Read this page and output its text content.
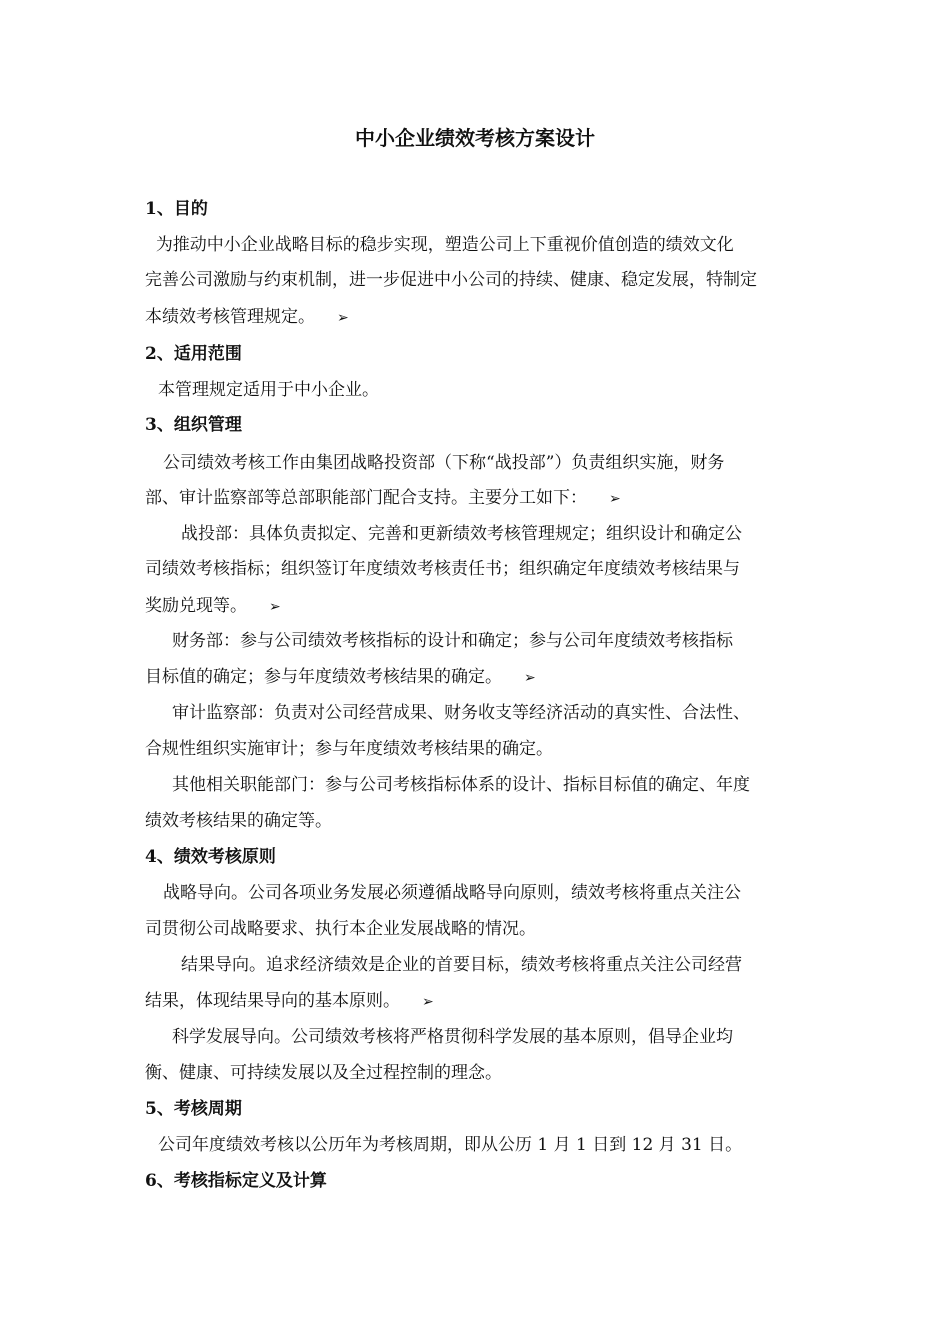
中小企业绩效考核方案设计
1、目的
为推动中小企业战略目标的稳步实现，塑造公司上下重视价值创造的绩效文化
完善公司激励与约束机制，进一步促进中小公司的持续、健康、稳定发展，特制定
本绩效考核管理规定。 ➢
2、适用范围
本管理规定适用于中小企业。
3、组织管理
公司绩效考核工作由集团战略投资部（下称“战投部”）负责组织实施，财务
部、审计监察部等总部职能部门配合支持。主要分工如下： ➢
战投部：具体负责拟定、完善和更新绩效考核管理规定；组织设计和确定公
司绩效考核指标；组织签订年度绩效考核责任书；组织确定年度绩效考核结果与
奖励兑现等。 ➢
财务部：参与公司绩效考核指标的设计和确定；参与公司年度绩效考核指标
目标值的确定；参与年度绩效考核结果的确定。 ➢
审计监察部：负责对公司经营成果、财务收支等经济活动的真实性、合法性、
合规性组织实施审计；参与年度绩效考核结果的确定。
其他相关职能部门：参与公司考核指标体系的设计、指标目标值的确定、年度
绩效考核结果的确定等。
4、绩效考核原则
战略导向。公司各项业务发展必须遵循战略导向原则，绩效考核将重点关注公
司贯彻公司战略要求、执行本企业发展战略的情况。
结果导向。追求经济绩效是企业的首要目标，绩效考核将重点关注公司经营
结果，体现结果导向的基本原则。 ➢
科学发展导向。公司绩效考核将严格贯彻科学发展的基本原则，倡导企业均
衡、健康、可持续发展以及全过程控制的理念。
5、考核周期
公司年度绩效考核以公历年为考核周期，即从公历 1 月 1 日到 12 月 31 日。
6、考核指标定义及计算
